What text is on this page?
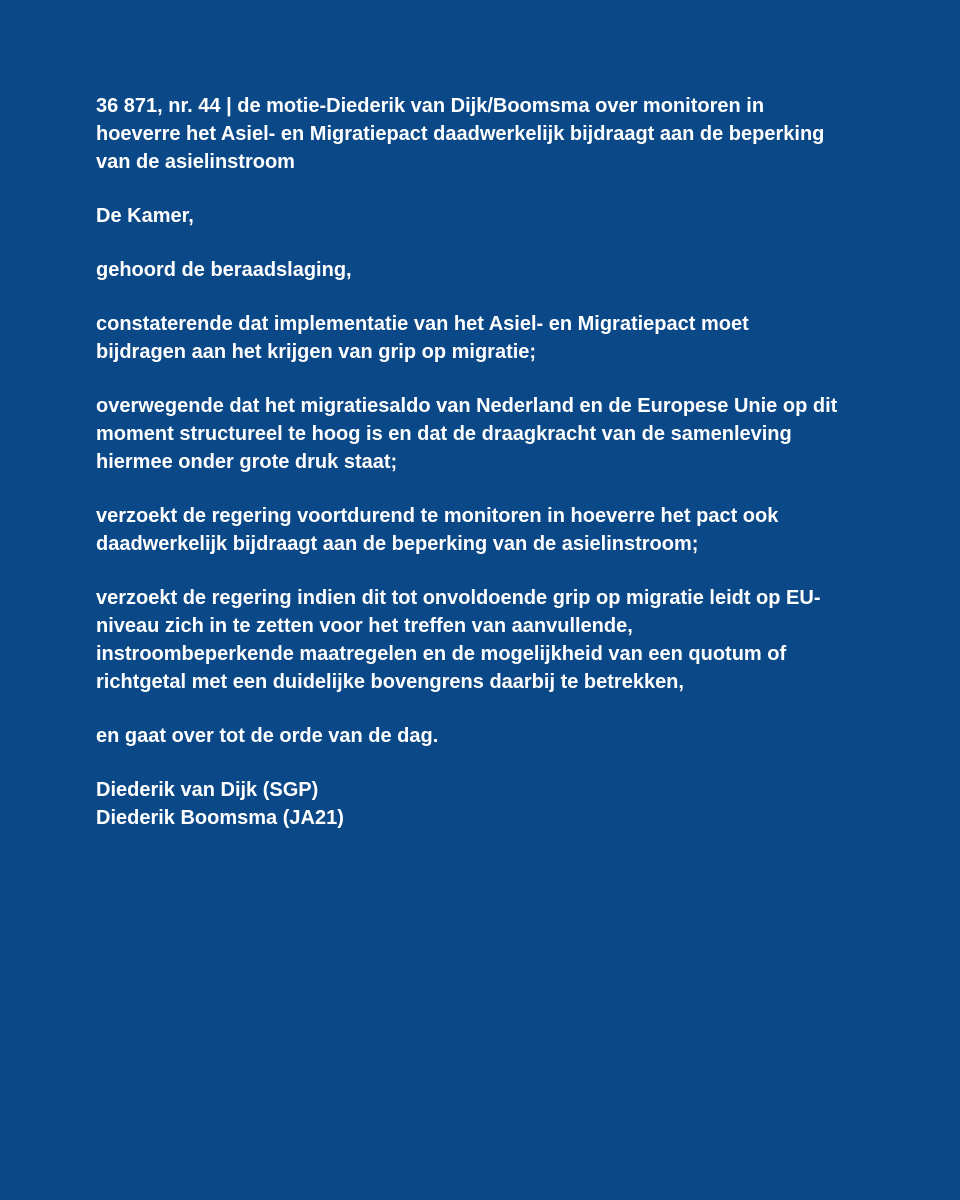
36 871, nr. 44 | de motie-Diederik van Dijk/Boomsma over monitoren in
hoeverre het Asiel- en Migratiepact daadwerkelijk bijdraagt aan de beperking
van de asielinstroom

De Kamer,

gehoord de beraadslaging,

constaterende dat implementatie van het Asiel- en Migratiepact moet
bijdragen aan het krijgen van grip op migratie;

overwegende dat het migratiesaldo van Nederland en de Europese Unie op dit
moment structureel te hoog is en dat de draagkracht van de samenleving
hiermee onder grote druk staat;

verzoekt de regering voortdurend te monitoren in hoeverre het pact ook
daadwerkelijk bijdraagt aan de beperking van de asielinstroom;

verzoekt de regering indien dit tot onvoldoende grip op migratie leidt op EU-
niveau zich in te zetten voor het treffen van aanvullende,
instroombeperkende maatregelen en de mogelijkheid van een quotum of
richtgetal met een duidelijke bovengrens daarbij te betrekken,

en gaat over tot de orde van de dag.

Diederik van Dijk (SGP)
Diederik Boomsma (JA21)
